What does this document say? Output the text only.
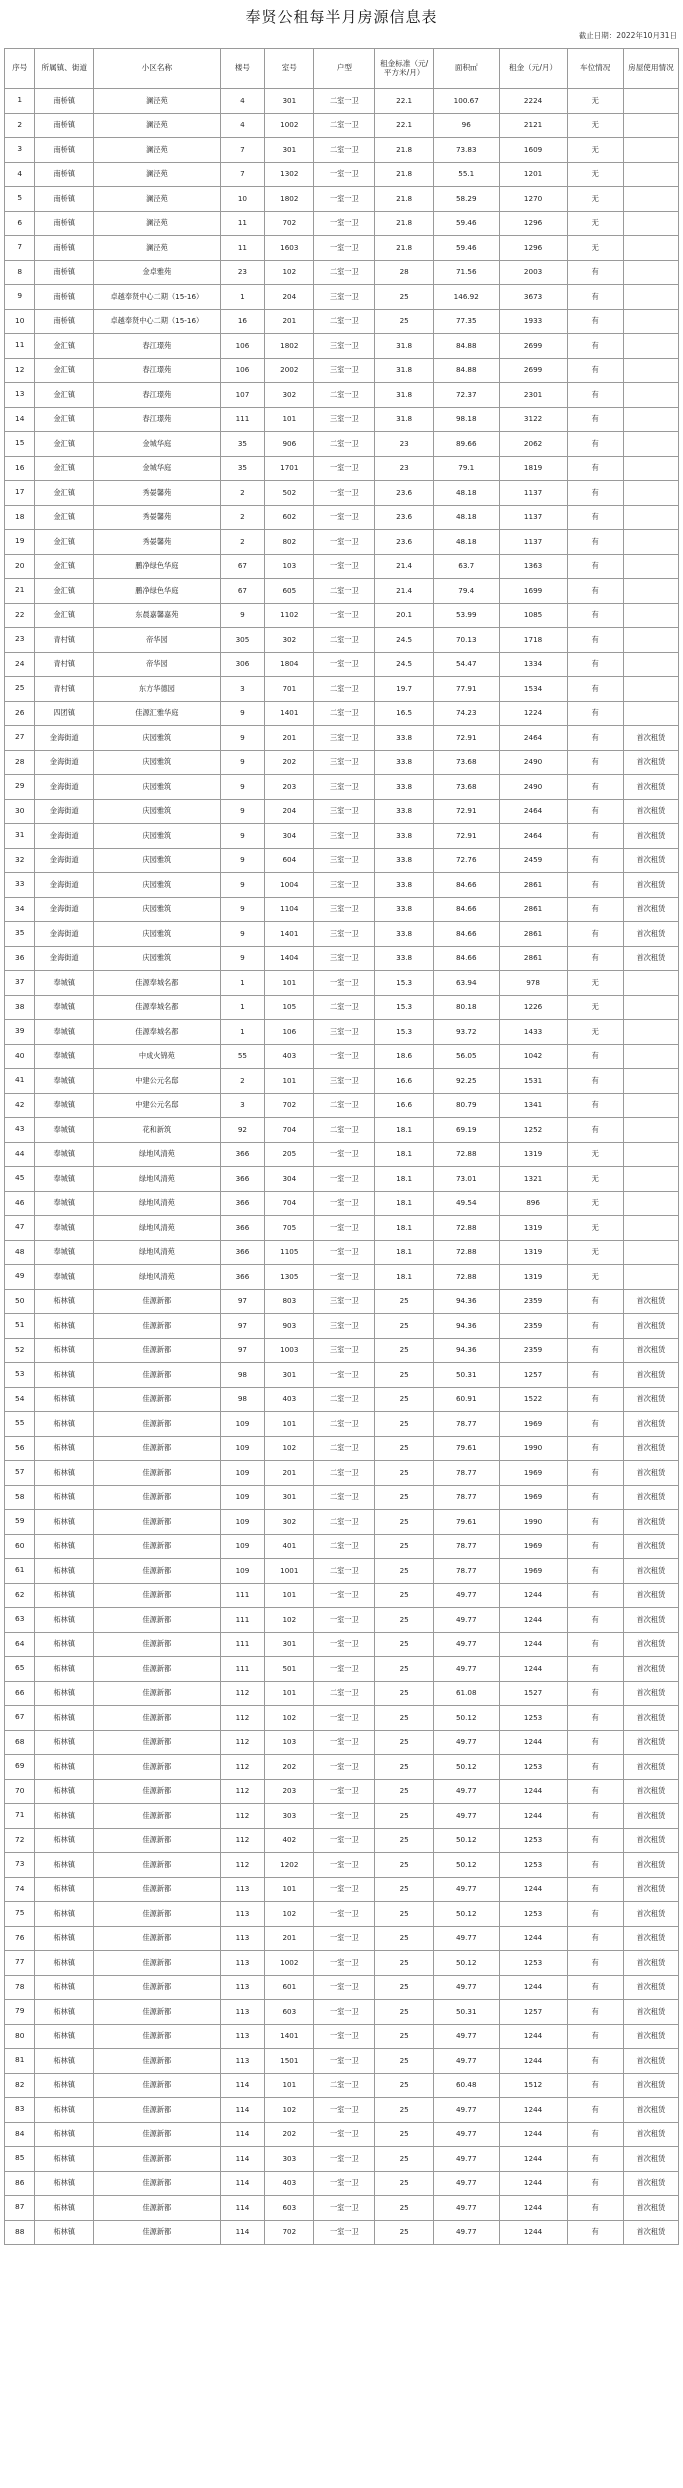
奉贤公租每半月房源信息表
截止日期：2022年10月31日
序号	所属镇、街道	小区名称	楼号	室号	户型	租金标准（元/平方米/月）	面积㎡	租金（元/月）	车位情况	房屋使用情况
1	南桥镇	澜泾苑	4	301	二室一卫	22.1	100.67	2224	无	
2	南桥镇	澜泾苑	4	1002	二室一卫	22.1	96	2121	无	
3	南桥镇	澜泾苑	7	301	二室一卫	21.8	73.83	1609	无	
4	南桥镇	澜泾苑	7	1302	一室一卫	21.8	55.1	1201	无	
5	南桥镇	澜泾苑	10	1802	一室一卫	21.8	58.29	1270	无	
6	南桥镇	澜泾苑	11	702	一室一卫	21.8	59.46	1296	无	
7	南桥镇	澜泾苑	11	1603	一室一卫	21.8	59.46	1296	无	
8	南桥镇	金卓雅苑	23	102	二室一卫	28	71.56	2003	有	
9	南桥镇	卓越奉贤中心二期（15-16）	1	204	三室一卫	25	146.92	3673	有	
10	南桥镇	卓越奉贤中心二期（15-16）	16	201	二室一卫	25	77.35	1933	有	
11	金汇镇	春江璟苑	106	1802	三室一卫	31.8	84.88	2699	有	
12	金汇镇	春江璟苑	106	2002	三室一卫	31.8	84.88	2699	有	
13	金汇镇	春江璟苑	107	302	二室一卫	31.8	72.37	2301	有	
14	金汇镇	春江璟苑	111	101	三室一卫	31.8	98.18	3122	有	
15	金汇镇	金城华庭	35	906	二室一卫	23	89.66	2062	有	
16	金汇镇	金城华庭	35	1701	一室一卫	23	79.1	1819	有	
17	金汇镇	秀晏馨苑	2	502	一室一卫	23.6	48.18	1137	有	
18	金汇镇	秀晏馨苑	2	602	一室一卫	23.6	48.18	1137	有	
19	金汇镇	秀晏馨苑	2	802	一室一卫	23.6	48.18	1137	有	
20	金汇镇	鹏净绿色华庭	67	103	一室一卫	21.4	63.7	1363	有	
21	金汇镇	鹏净绿色华庭	67	605	二室一卫	21.4	79.4	1699	有	
22	金汇镇	东晨嘉馨嘉苑	9	1102	一室一卫	20.1	53.99	1085	有	
23	青村镇	帝华园	305	302	二室一卫	24.5	70.13	1718	有	
24	青村镇	帝华园	306	1804	一室一卫	24.5	54.47	1334	有	
25	青村镇	东方华德园	3	701	二室一卫	19.7	77.91	1534	有	
26	四团镇	佳源汇雅华庭	9	1401	二室一卫	16.5	74.23	1224	有	
27	金海街道	庆园雅筑	9	201	三室一卫	33.8	72.91	2464	有	首次租赁
28	金海街道	庆园雅筑	9	202	三室一卫	33.8	73.68	2490	有	首次租赁
29	金海街道	庆园雅筑	9	203	三室一卫	33.8	73.68	2490	有	首次租赁
30	金海街道	庆园雅筑	9	204	三室一卫	33.8	72.91	2464	有	首次租赁
31	金海街道	庆园雅筑	9	304	三室一卫	33.8	72.91	2464	有	首次租赁
32	金海街道	庆园雅筑	9	604	三室一卫	33.8	72.76	2459	有	首次租赁
33	金海街道	庆园雅筑	9	1004	三室一卫	33.8	84.66	2861	有	首次租赁
34	金海街道	庆园雅筑	9	1104	三室一卫	33.8	84.66	2861	有	首次租赁
35	金海街道	庆园雅筑	9	1401	三室一卫	33.8	84.66	2861	有	首次租赁
36	金海街道	庆园雅筑	9	1404	三室一卫	33.8	84.66	2861	有	首次租赁
37	奉城镇	佳源奉城名都	1	101	一室一卫	15.3	63.94	978	无	
38	奉城镇	佳源奉城名都	1	105	二室一卫	15.3	80.18	1226	无	
39	奉城镇	佳源奉城名都	1	106	三室一卫	15.3	93.72	1433	无	
40	奉城镇	中成火锦苑	55	403	一室一卫	18.6	56.05	1042	有	
41	奉城镇	中建公元名邸	2	101	三室一卫	16.6	92.25	1531	有	
42	奉城镇	中建公元名邸	3	702	二室一卫	16.6	80.79	1341	有	
43	奉城镇	花和新筑	92	704	二室一卫	18.1	69.19	1252	有	
44	奉城镇	绿地风清苑	366	205	一室一卫	18.1	72.88	1319	无	
45	奉城镇	绿地风清苑	366	304	一室一卫	18.1	73.01	1321	无	
46	奉城镇	绿地风清苑	366	704	一室一卫	18.1	49.54	896	无	
47	奉城镇	绿地风清苑	366	705	一室一卫	18.1	72.88	1319	无	
48	奉城镇	绿地风清苑	366	1105	一室一卫	18.1	72.88	1319	无	
49	奉城镇	绿地风清苑	366	1305	一室一卫	18.1	72.88	1319	无	
50	柘林镇	佳源新都	97	803	三室一卫	25	94.36	2359	有	首次租赁
51	柘林镇	佳源新都	97	903	三室一卫	25	94.36	2359	有	首次租赁
52	柘林镇	佳源新都	97	1003	三室一卫	25	94.36	2359	有	首次租赁
53	柘林镇	佳源新都	98	301	一室一卫	25	50.31	1257	有	首次租赁
54	柘林镇	佳源新都	98	403	二室一卫	25	60.91	1522	有	首次租赁
55	柘林镇	佳源新都	109	101	二室一卫	25	78.77	1969	有	首次租赁
56	柘林镇	佳源新都	109	102	二室一卫	25	79.61	1990	有	首次租赁
57	柘林镇	佳源新都	109	201	二室一卫	25	78.77	1969	有	首次租赁
58	柘林镇	佳源新都	109	301	二室一卫	25	78.77	1969	有	首次租赁
59	柘林镇	佳源新都	109	302	二室一卫	25	79.61	1990	有	首次租赁
60	柘林镇	佳源新都	109	401	二室一卫	25	78.77	1969	有	首次租赁
61	柘林镇	佳源新都	109	1001	二室一卫	25	78.77	1969	有	首次租赁
62	柘林镇	佳源新都	111	101	一室一卫	25	49.77	1244	有	首次租赁
63	柘林镇	佳源新都	111	102	一室一卫	25	49.77	1244	有	首次租赁
64	柘林镇	佳源新都	111	301	一室一卫	25	49.77	1244	有	首次租赁
65	柘林镇	佳源新都	111	501	一室一卫	25	49.77	1244	有	首次租赁
66	柘林镇	佳源新都	112	101	二室一卫	25	61.08	1527	有	首次租赁
67	柘林镇	佳源新都	112	102	一室一卫	25	50.12	1253	有	首次租赁
68	柘林镇	佳源新都	112	103	一室一卫	25	49.77	1244	有	首次租赁
69	柘林镇	佳源新都	112	202	一室一卫	25	50.12	1253	有	首次租赁
70	柘林镇	佳源新都	112	203	一室一卫	25	49.77	1244	有	首次租赁
71	柘林镇	佳源新都	112	303	一室一卫	25	49.77	1244	有	首次租赁
72	柘林镇	佳源新都	112	402	一室一卫	25	50.12	1253	有	首次租赁
73	柘林镇	佳源新都	112	1202	一室一卫	25	50.12	1253	有	首次租赁
74	柘林镇	佳源新都	113	101	一室一卫	25	49.77	1244	有	首次租赁
75	柘林镇	佳源新都	113	102	一室一卫	25	50.12	1253	有	首次租赁
76	柘林镇	佳源新都	113	201	一室一卫	25	49.77	1244	有	首次租赁
77	柘林镇	佳源新都	113	1002	一室一卫	25	50.12	1253	有	首次租赁
78	柘林镇	佳源新都	113	601	一室一卫	25	49.77	1244	有	首次租赁
79	柘林镇	佳源新都	113	603	一室一卫	25	50.31	1257	有	首次租赁
80	柘林镇	佳源新都	113	1401	一室一卫	25	49.77	1244	有	首次租赁
81	柘林镇	佳源新都	113	1501	一室一卫	25	49.77	1244	有	首次租赁
82	柘林镇	佳源新都	114	101	二室一卫	25	60.48	1512	有	首次租赁
83	柘林镇	佳源新都	114	102	一室一卫	25	49.77	1244	有	首次租赁
84	柘林镇	佳源新都	114	202	一室一卫	25	49.77	1244	有	首次租赁
85	柘林镇	佳源新都	114	303	一室一卫	25	49.77	1244	有	首次租赁
86	柘林镇	佳源新都	114	403	一室一卫	25	49.77	1244	有	首次租赁
87	柘林镇	佳源新都	114	603	一室一卫	25	49.77	1244	有	首次租赁
88	柘林镇	佳源新都	114	702	一室一卫	25	49.77	1244	有	首次租赁
